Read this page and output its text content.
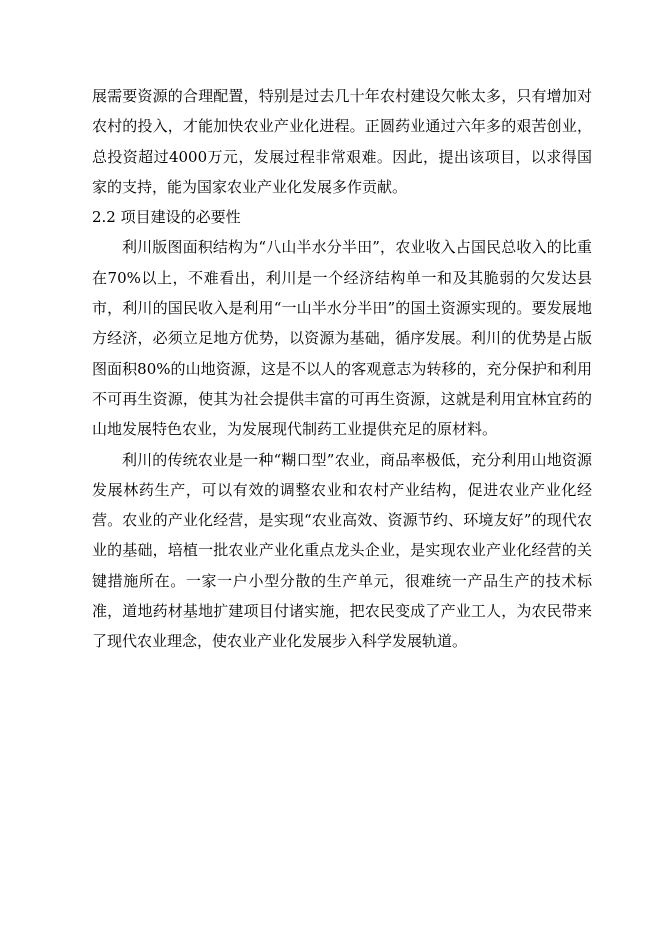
展需要资源的合理配置，特别是过去几十年农村建设欠帐太多，只有增加对农村的投入，才能加快农业产业化进程。正圆药业通过六年多的艰苦创业，总投资超过4000万元，发展过程非常艰难。因此，提出该项目，以求得国家的支持，能为国家农业产业化发展多作贡献。

2.2 项目建设的必要性

利川版图面积结构为“八山半水分半田”，农业收入占国民总收入的比重在70%以上，不难看出，利川是一个经济结构单一和及其脆弱的欠发达县市，利川的国民收入是利用“一山半水分半田”的国土资源实现的。要发展地方经济，必须立足地方优势，以资源为基础，循序发展。利川的优势是占版图面积80%的山地资源，这是不以人的客观意志为转移的，充分保护和利用不可再生资源，使其为社会提供丰富的可再生资源，这就是利用宜林宜药的山地发展特色农业，为发展现代制药工业提供充足的原材料。

利川的传统农业是一种“糊口型”农业，商品率极低，充分利用山地资源发展林药生产，可以有效的调整农业和农村产业结构，促进农业产业化经营。农业的产业化经营，是实现“农业高效、资源节约、环境友好”的现代农业的基础，培植一批农业产业化重点龙头企业，是实现农业产业化经营的关键措施所在。一家一户小型分散的生产单元，很难统一产品生产的技术标准，道地药材基地扩建项目付诸实施，把农民变成了产业工人，为农民带来了现代农业理念，使农业产业化发展步入科学发展轨道。
